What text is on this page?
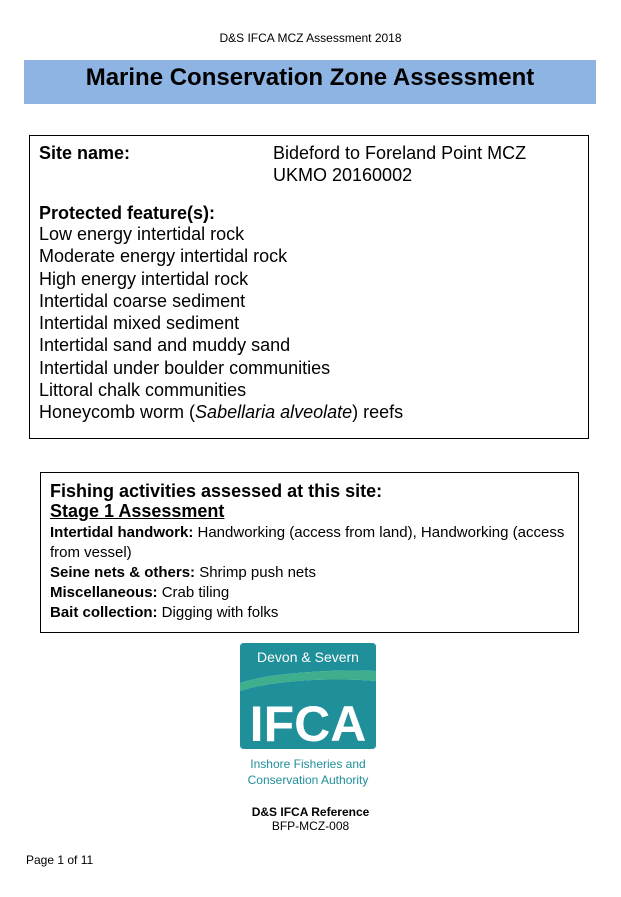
D&S IFCA MCZ Assessment 2018
Marine Conservation Zone Assessment
Site name:	Bideford to Foreland Point MCZ
UKMO 20160002
Protected feature(s):
Low energy intertidal rock
Moderate energy intertidal rock
High energy intertidal rock
Intertidal coarse sediment
Intertidal mixed sediment
Intertidal sand and muddy sand
Intertidal under boulder communities
Littoral chalk communities
Honeycomb worm (Sabellaria alveolate) reefs
Fishing activities assessed at this site:
Stage 1 Assessment
Intertidal handwork: Handworking (access from land), Handworking (access from vessel)
Seine nets & others: Shrimp push nets
Miscellaneous: Crab tiling
Bait collection: Digging with folks
Devon & Severn
IFCA
Inshore Fisheries and
Conservation Authority
D&S IFCA Reference
BFP-MCZ-008
Page 1 of 11
